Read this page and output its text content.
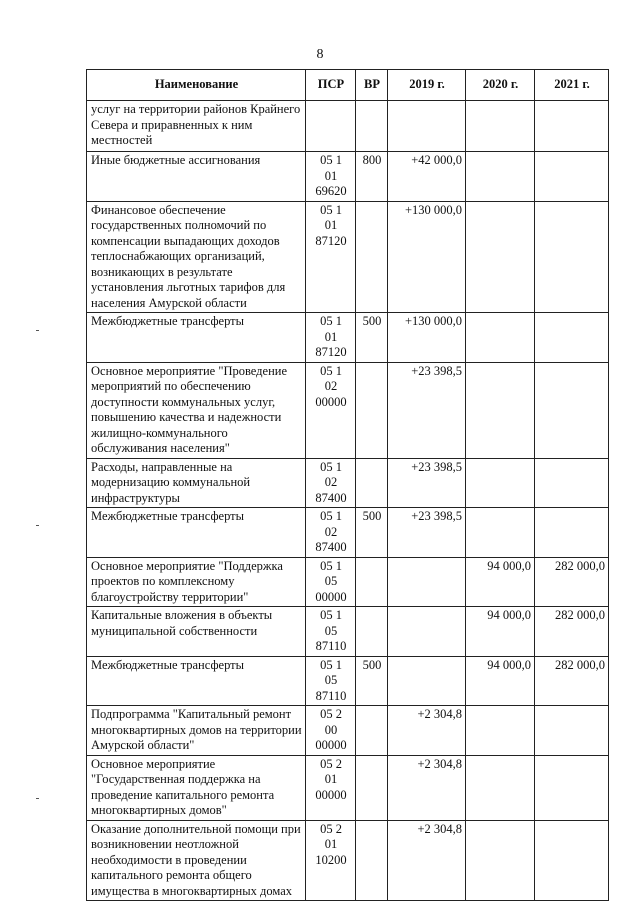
8
Наименование	ПСР	ВР	2019 г.	2020 г.	2021 г.
услуг на территории районов Крайнего Севера и приравненных к ним местностей	

Иные бюджетные ассигнования	05 1
01
69620	800	+42 000,0		
Финансовое обеспечение государственных полномочий по компенсации выпадающих доходов теплоснабжающих организаций, возникающих в результате установления льготных тарифов для населения Амурской области	05 1
01
87120		+130 000,0		
Межбюджетные трансферты	05 1
01
87120	500	+130 000,0		
Основное мероприятие "Проведение мероприятий по обеспечению доступности коммунальных услуг, повышению качества и надежности жилищно-коммунального обслуживания населения"	05 1
02
00000		+23 398,5		
Расходы, направленные на модернизацию коммунальной инфраструктуры	05 1
02
87400		+23 398,5		
Межбюджетные трансферты	05 1
02
87400	500	+23 398,5		
Основное мероприятие "Поддержка проектов по комплексному благоустройству территории"	05 1
05
00000			94 000,0	282 000,0
Капитальные вложения в объекты муниципальной собственности	05 1
05
87110			94 000,0	282 000,0
Межбюджетные трансферты	05 1
05
87110	500		94 000,0	282 000,0
Подпрограмма "Капитальный ремонт многоквартирных домов на территории Амурской области"	05 2
00
00000		+2 304,8		
Основное мероприятие "Государственная поддержка на проведение капитального ремонта многоквартирных домов"	05 2
01
00000		+2 304,8		
Оказание дополнительной помощи при возникновении неотложной необходимости в проведении капитального ремонта общего имущества в многоквартирных домах	05 2
01
10200		+2 304,8		
